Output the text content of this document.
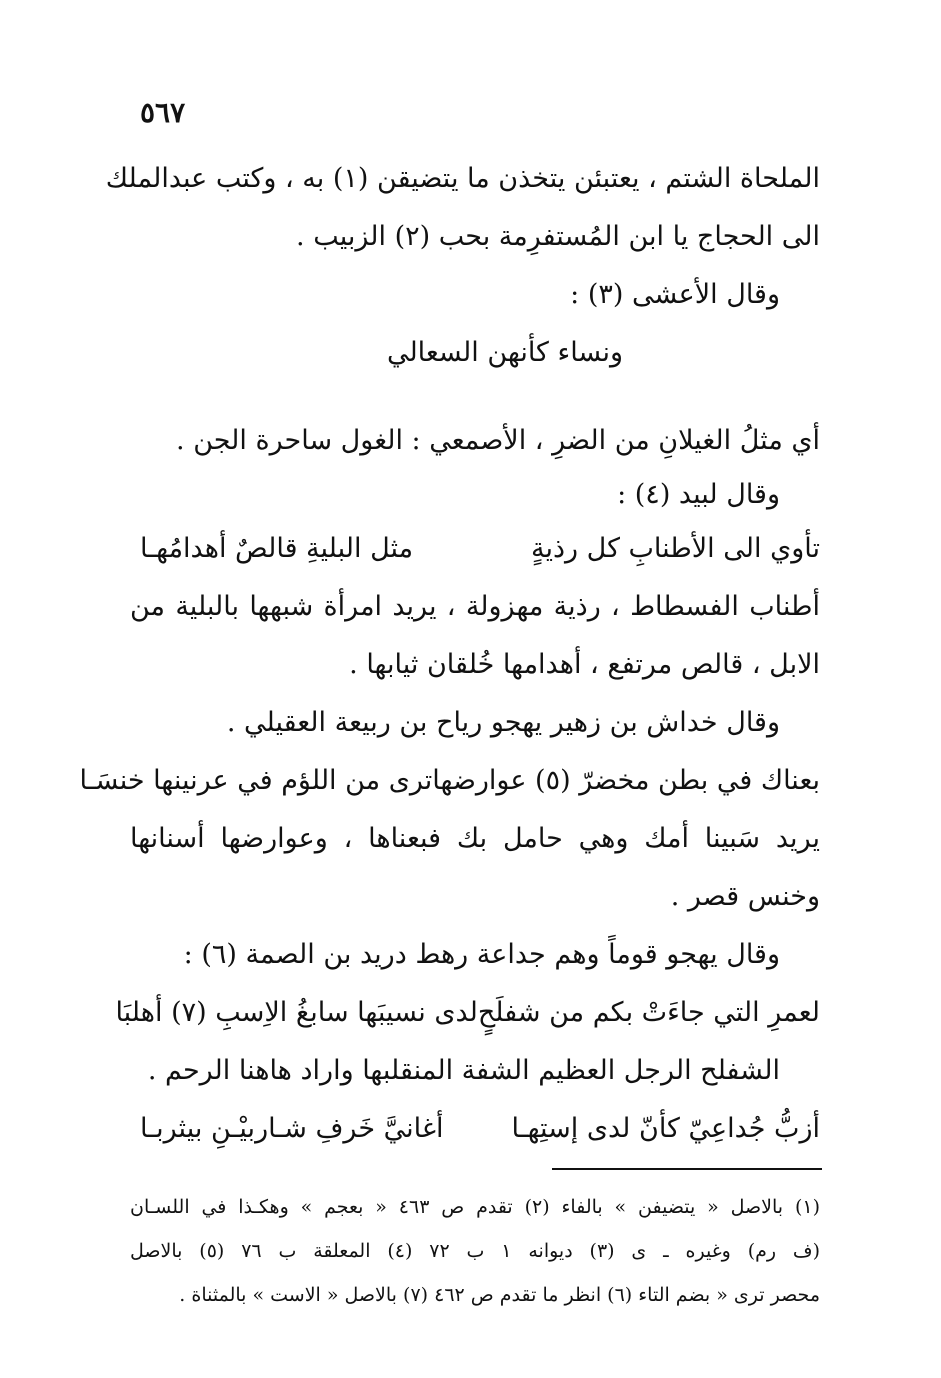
٥٦٧
الملحاة الشتم ، يعتبئن يتخذن ما يتضيقن (١) به ، وكتب عبدالملك
الى الحجاج يا ابن المُستفرِمة بحب (٢) الزبيب .
وقال الأعشى (٣) :
ونساء كأنهن السعالي
أي مثلُ الغيلانِ من الضرِ ، الأصمعي : الغول ساحرة الجن .
وقال لبيد (٤) :
تأوي الى الأطنابِ كل رذيةٍ
مثل البليةِ قالصٌ أهدامُهـا
أطناب الفسطاط ، رذية مهزولة ، يريد امرأة شبهها بالبلية من
الابل ، قالص مرتفع ، أهدامها خُلقان ثيابها .
وقال خداش بن زهير يهجو رياح بن ربيعة العقيلي .
بعناك في بطن مخضرّ (٥) عوارضها
ترى من اللؤم في عرنينها خنسَـا
يريد سَبينا أمك وهي حامل بك فبعناها ، وعوارضها أسنانها
وخنس قصر .
وقال يهجو قوماً وهم جداعة رهط دريد بن الصمة (٦) :
لعمرِ التي جاءَتْ بكم من شفلَحٍ
لدى نسيبَها سابغُ الاِسبِ (٧) أهلبَا
الشفلح الرجل العظيم الشفة المنقلبها واراد هاهنا الرحم .
أزبُّ جُداعِيّ كأنّ لدى إستِهـا
أغانيَّ خَرفِ شـاربيْـنِ بيثربـا
(١) بالاصل « يتضيفن » بالفاء (٢) تقدم ص ٤٦٣ « بعجم » وهكـذا في اللسـان
(ف رم) وغيره ـ ى (٣) ديوانه ١ ب ٧٢ (٤) المعلقة ب ٧٦ (٥) بالاصل
محصر ترى « بضم التاء (٦) انظر ما تقدم ص ٤٦٢ (٧) بالاصل « الاست » بالمثناة .
